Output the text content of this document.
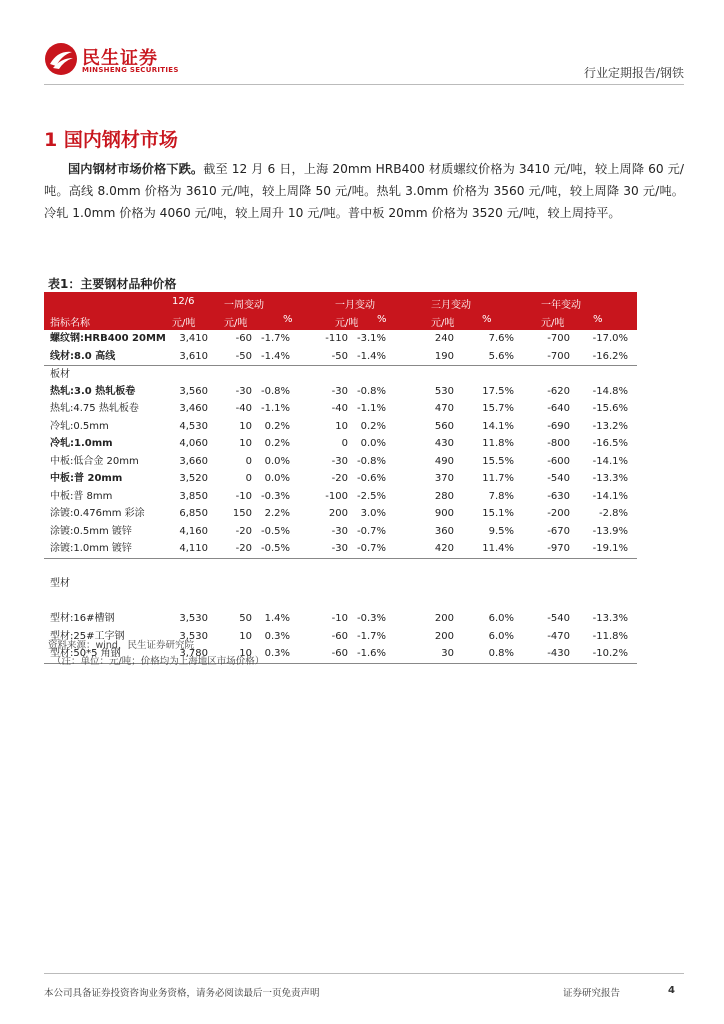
民生证券
MINSHENG SECURITIES	行业定期报告/钢铁
1 国内钢材市场
国内钢材市场价格下跌。截至 12 月 6 日，上海 20mm HRB400 材质螺纹价格为 3410 元/吨，较上周降 60 元/吨。高线 8.0mm 价格为 3610 元/吨，较上周降 50 元/吨。热轧 3.0mm 价格为 3560 元/吨，较上周降 30 元/吨。冷轧 1.0mm 价格为 4060 元/吨，较上周升 10 元/吨。普中板 20mm 价格为 3520 元/吨，较上周持平。
表1：主要钢材品种价格
12/6	一周变动	一月变动	三月变动	一年变动
指标名称	元/吨	元/吨	%	元/吨 %	元/吨	%	元/吨	%
螺纹钢:HRB400 20MM	3,410	-60 -1.7%	-110 -3.1%	240	7.6%	-700	-17.0%
线材:8.0 高线	3,610	-50 -1.4%	-50 -1.4%	190	5.6%	-700	-16.2%
板材
热轧:3.0 热轧板卷	3,560	-30 -0.8%	-30 -0.8%	530	17.5%	-620	-14.8%
热轧:4.75 热轧板卷	3,460	-40 -1.1%	-40 -1.1%	470	15.7%	-640	-15.6%
冷轧:0.5mm	4,530	10	0.2%	10	0.2%	560	14.1%	-690	-13.2%
冷轧:1.0mm	4,060	10	0.2%	0	0.0%	430	11.8%	-800	-16.5%
中板:低合金 20mm	3,660	0	0.0%	-30 -0.8%	490	15.5%	-600	-14.1%
中板:普 20mm	3,520	0	0.0%	-20 -0.6%	370	11.7%	-540	-13.3%
中板:普 8mm	3,850	-10 -0.3%	-100 -2.5%	280	7.8%	-630	-14.1%
涂镀:0.476mm 彩涂	6,850	150	2.2%	200	3.0%	900	15.1%	-200	-2.8%
涂镀:0.5mm 镀锌	4,160	-20 -0.5%	-30 -0.7%	360	9.5%	-670	-13.9%
涂镀:1.0mm 镀锌	4,110	-20 -0.5%	-30 -0.7%	420	11.4%	-970	-19.1%
型材
型材:16#槽钢	3,530	50	1.4%	-10 -0.3%	200	6.0%	-540	-13.3%
型材:25#工字钢	3,530	10	0.3%	-60 -1.7%	200	6.0%	-470	-11.8%
型材:50*5 角钢	3,780	10	0.3%	-60 -1.6%	30	0.8%	-430	-10.2%
资料来源：wind，民生证券研究院
（注：单位：元/吨；价格均为上海地区市场价格）
本公司具备证券投资咨询业务资格，请务必阅读最后一页免责声明	证券研究报告	4
